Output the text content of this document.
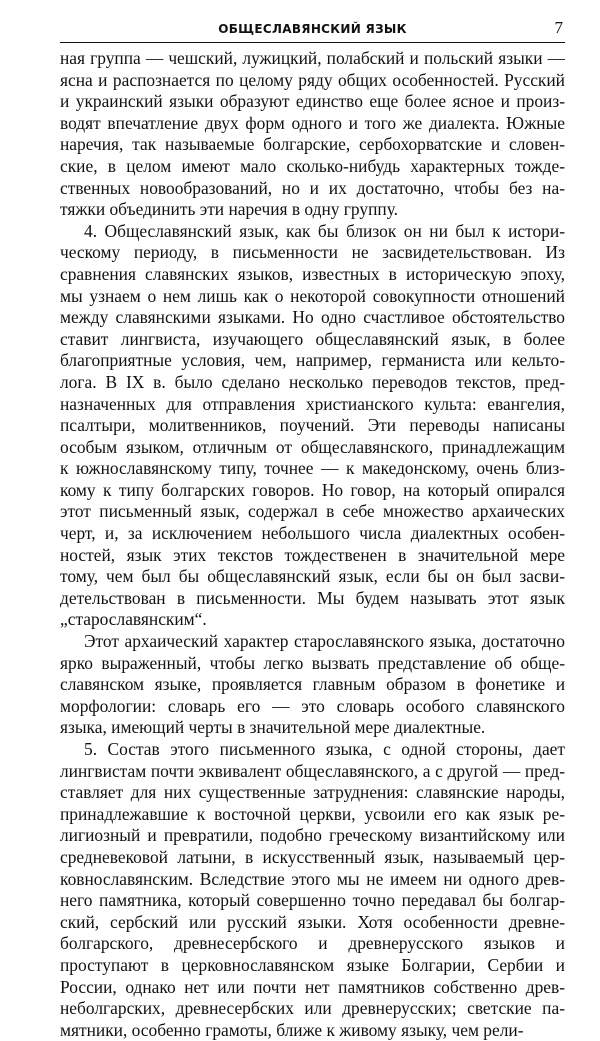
ОБЩЕСЛАВЯНСКИЙ ЯЗЫК	7
ная группа — чешский, лужицкий, полабский и польский языки —
ясна и распознается по целому ряду общих особенностей. Русский
и украинский языки образуют единство еще более ясное и произ-
водят впечатление двух форм одного и того же диалекта. Южные
наречия, так называемые болгарские, сербохорватские и словен-
ские, в целом имеют мало сколько-нибудь характерных тожде-
ственных новообразований, но и их достаточно, чтобы без на-
тяжки объединить эти наречия в одну группу.
4. Общеславянский язык, как бы близок он ни был к истори-
ческому периоду, в письменности не засвидетельствован. Из
сравнения славянских языков, известных в историческую эпоху,
мы узнаем о нем лишь как о некоторой совокупности отношений
между славянскими языками. Но одно счастливое обстоятельство
ставит лингвиста, изучающего общеславянский язык, в более
благоприятные условия, чем, например, германиста или кельто-
лога. В IX в. было сделано несколько переводов текстов, пред-
назначенных для отправления христианского культа: евангелия,
псалтыри, молитвенников, поучений. Эти переводы написаны
особым языком, отличным от общеславянского, принадлежащим
к южнославянскому типу, точнее — к македонскому, очень близ-
кому к типу болгарских говоров. Но говор, на который опирался
этот письменный язык, содержал в себе множество архаических
черт, и, за исключением небольшого числа диалектных особен-
ностей, язык этих текстов тождественен в значительной мере
тому, чем был бы общеславянский язык, если бы он был засви-
детельствован в письменности. Мы будем называть этот язык
„старославянским“.
Этот архаический характер старославянского языка, достаточно
ярко выраженный, чтобы легко вызвать представление об обще-
славянском языке, проявляется главным образом в фонетике и
морфологии: словарь его — это словарь особого славянского
языка, имеющий черты в значительной мере диалектные.
5. Состав этого письменного языка, с одной стороны, дает
лингвистам почти эквивалент общеславянского, а с другой — пред-
ставляет для них существенные затруднения: славянские народы,
принадлежавшие к восточной церкви, усвоили его как язык ре-
лигиозный и превратили, подобно греческому византийскому или
средневековой латыни, в искусственный язык, называемый цер-
ковнославянским. Вследствие этого мы не имеем ни одного древ-
него памятника, который совершенно точно передавал бы болгар-
ский, сербский или русский языки. Хотя особенности древне-
болгарского, древнесербского и древнерусского языков и
проступают в церковнославянском языке Болгарии, Сербии и
России, однако нет или почти нет памятников собственно древ-
неболгарских, древнесербских или древнерусских; светские па-
мятники, особенно грамоты, ближе к живому языку, чем рели-
